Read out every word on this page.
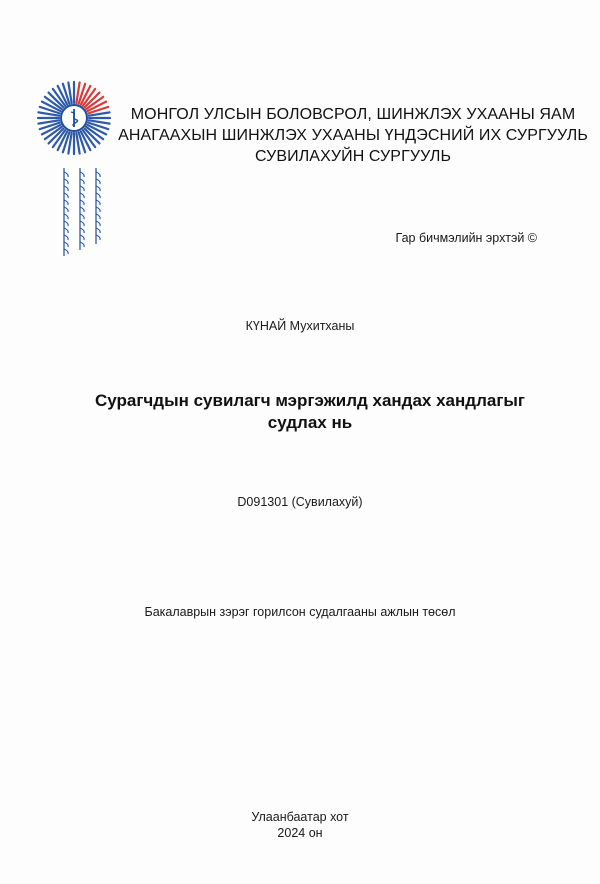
МОНГОЛ УЛСЫН БОЛОВСРОЛ, ШИНЖЛЭХ УХААНЫ ЯАМ
АНАГААХЫН ШИНЖЛЭХ УХААНЫ ҮНДЭСНИЙ ИХ СУРГУУЛЬ
СУВИЛАХУЙН СУРГУУЛЬ
Гар бичмэлийн эрхтэй ©
КҮНАЙ Мухитханы
Сурагчдын сувилагч мэргэжилд хандах хандлагыг
судлах нь
D091301 (Сувилахуй)
Бакалаврын зэрэг горилсон судалгааны ажлын төсөл
Улаанбаатар хот
2024 он
